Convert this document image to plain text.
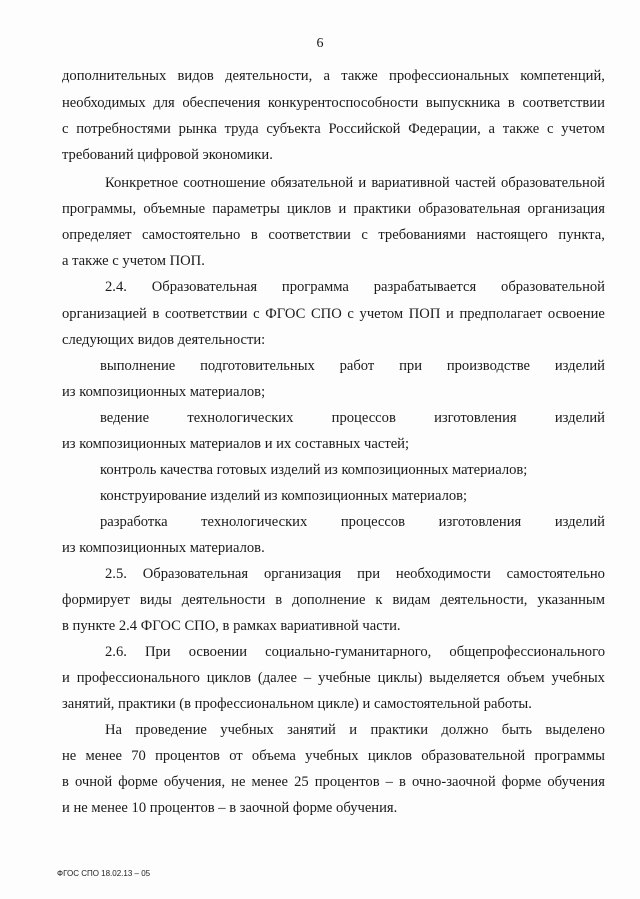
6
дополнительных видов деятельности, а также профессиональных компетенций,
необходимых для обеспечения конкурентоспособности выпускника в соответствии
с потребностями рынка труда субъекта Российской Федерации, а также с учетом
требований цифровой экономики.
Конкретное соотношение обязательной и вариативной частей образовательной
программы, объемные параметры циклов и практики образовательная организация
определяет самостоятельно в соответствии с требованиями настоящего пункта,
а также с учетом ПОП.
2.4. Образовательная программа разрабатывается образовательной
организацией в соответствии с ФГОС СПО с учетом ПОП и предполагает освоение
следующих видов деятельности:
выполнение подготовительных работ при производстве изделий
из композиционных материалов;
ведение	технологических	процессов	изготовления	изделий
из композиционных материалов и их составных частей;
контроль качества готовых изделий из композиционных материалов;
конструирование изделий из композиционных материалов;
разработка технологических процессов изготовления изделий
из композиционных материалов.
2.5. Образовательная организация при необходимости самостоятельно
формирует виды деятельности в дополнение к видам деятельности, указанным
в пункте 2.4 ФГОС СПО, в рамках вариативной части.
2.6. При освоении социально-гуманитарного, общепрофессионального
и профессионального циклов (далее – учебные циклы) выделяется объем учебных
занятий, практики (в профессиональном цикле) и самостоятельной работы.
На проведение учебных занятий и практики должно быть выделено
не менее 70 процентов от объема учебных циклов образовательной программы
в очной форме обучения, не менее 25 процентов – в очно-заочной форме обучения
и не менее 10 процентов – в заочной форме обучения.
ФГОС СПО 18.02.13 – 05
